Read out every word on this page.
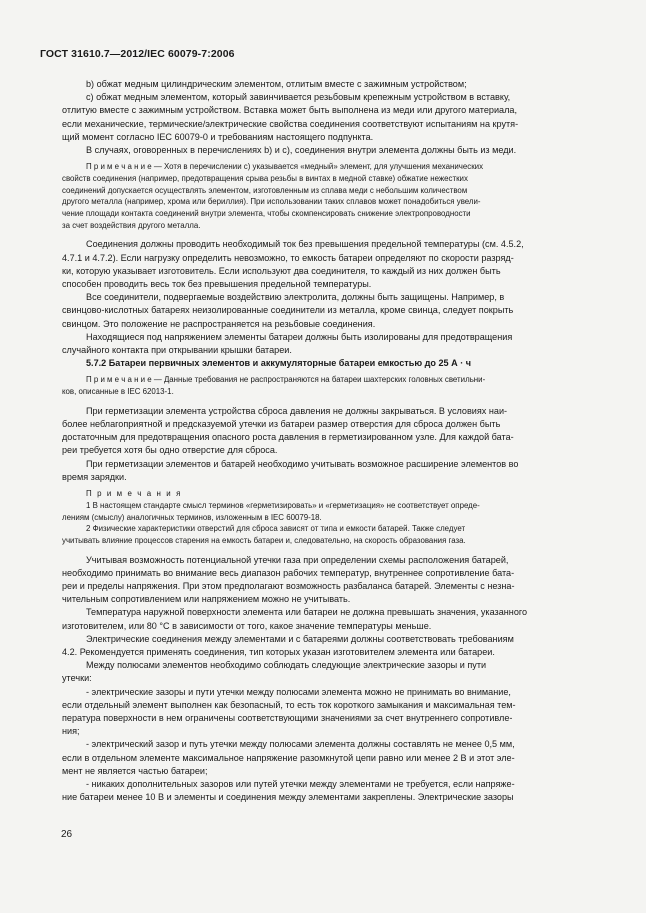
ГОСТ 31610.7—2012/IEC 60079-7:2006

b) обжат медным цилиндрическим элементом, отлитым вместе с зажимным устройством;

c) обжат медным элементом, который завинчивается резьбовым крепежным устройством в вставку,
отлитую вместе с зажимным устройством. Вставка может быть выполнена из меди или другого материала,
если механические, термические/электрические свойства соединения соответствуют испытаниям на крутя-
щий момент согласно IEC 60079-0 и требованиям настоящего подпункта.

В случаях, оговоренных в перечислениях b) и c), соединения внутри элемента должны быть из меди.

П р и м е ч а н и е — Хотя в перечислении c) указывается «медный» элемент, для улучшения механических
свойств соединения (например, предотвращения срыва резьбы в винтах в медной ставке) обжатие нежестких
соединений допускается осуществлять элементом, изготовленным из сплава меди с небольшим количеством
другого металла (например, хрома или бериллия). При использовании таких сплавов может понадобиться увели-
чение площади контакта соединений внутри элемента, чтобы скомпенсировать снижение электропроводности
за счет воздействия другого металла.

Соединения должны проводить необходимый ток без превышения предельной температуры (см. 4.5.2,
4.7.1 и 4.7.2). Если нагрузку определить невозможно, то емкость батареи определяют по скорости разряд-
ки, которую указывает изготовитель. Если используют два соединителя, то каждый из них должен быть
способен проводить весь ток без превышения предельной температуры.

Все соединители, подвергаемые воздействию электролита, должны быть защищены. Например, в
свинцово-кислотных батареях неизолированные соединители из металла, кроме свинца, следует покрыть
свинцом. Это положение не распространяется на резьбовые соединения.

Находящиеся под напряжением элементы батареи должны быть изолированы для предотвращения
случайного контакта при открывании крышки батареи.

5.7.2 Батареи первичных элементов и аккумуляторные батареи емкостью до 25 А · ч

П р и м е ч а н и е — Данные требования не распространяются на батареи шахтерских головных светильни-
ков, описанные в IEC 62013-1.

При герметизации элемента устройства сброса давления не должны закрываться. В условиях наи-
более неблагоприятной и предсказуемой утечки из батареи размер отверстия для сброса должен быть
достаточным для предотвращения опасного роста давления в герметизированном узле. Для каждой бата-
реи требуется хотя бы одно отверстие для сброса.

При герметизации элементов и батарей необходимо учитывать возможное расширение элементов во
время зарядки.

П р и м е ч а н и я

1 В настоящем стандарте смысл терминов «герметизировать» и «герметизация» не соответствует опреде-
лениям (смыслу) аналогичных терминов, изложенным в IEC 60079-18.

2 Физические характеристики отверстий для сброса зависят от типа и емкости батарей. Также следует
учитывать влияние процессов старения на емкость батареи и, следовательно, на скорость образования газа.

Учитывая возможность потенциальной утечки газа при определении схемы расположения батарей,
необходимо принимать во внимание весь диапазон рабочих температур, внутреннее сопротивление бата-
реи и пределы напряжения. При этом предполагают возможность разбаланса батарей. Элементы с незна-
чительным сопротивлением или напряжением можно не учитывать.

Температура наружной поверхности элемента или батареи не должна превышать значения, указанного
изготовителем, или 80 °C в зависимости от того, какое значение температуры меньше.

Электрические соединения между элементами и с батареями должны соответствовать требованиям
4.2. Рекомендуется применять соединения, тип которых указан изготовителем элемента или батареи.

Между полюсами элементов необходимо соблюдать следующие электрические зазоры и пути
утечки:

- электрические зазоры и пути утечки между полюсами элемента можно не принимать во внимание,
если отдельный элемент выполнен как безопасный, то есть ток короткого замыкания и максимальная тем-
пература поверхности в нем ограничены соответствующими значениями за счет внутреннего сопротивле-
ния;

- электрический зазор и путь утечки между полюсами элемента должны составлять не менее 0,5 мм,
если в отдельном элементе максимальное напряжение разомкнутой цепи равно или менее 2 В и этот эле-
мент не является частью батареи;

- никаких дополнительных зазоров или путей утечки между элементами не требуется, если напряже-
ние батареи менее 10 В и элементы и соединения между элементами закреплены. Электрические зазоры

26
